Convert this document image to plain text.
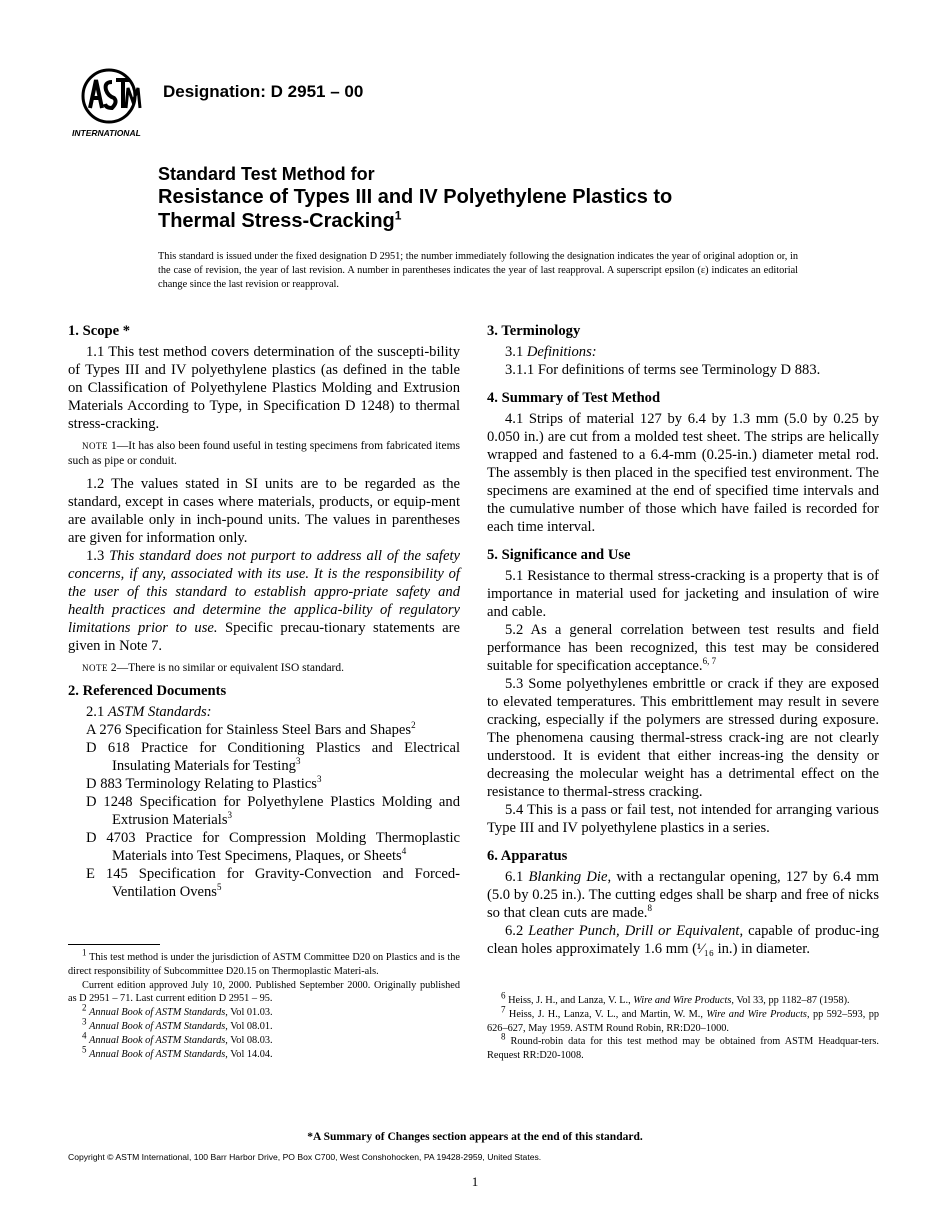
INTERNATIONAL
Designation: D 2951 – 00
Standard Test Method for
Resistance of Types III and IV Polyethylene Plastics to
Thermal Stress-Cracking$^1$
This standard is issued under the fixed designation D 2951; the number immediately following the designation indicates the year of original adoption or, in the case of revision, the year of last revision. A number in parentheses indicates the year of last reapproval. A superscript epsilon (ε) indicates an editorial change since the last revision or reapproval.
1. Scope *

1.1 This test method covers determination of the suscepti-bility of Types III and IV polyethylene plastics (as defined in the table on Classification of Polyethylene Plastics Molding and Extrusion Materials According to Type, in Specification D 1248) to thermal stress-cracking.

NOTE 1—It has also been found useful in testing specimens from fabricated items such as pipe or conduit.

1.2 The values stated in SI units are to be regarded as the standard, except in cases where materials, products, or equip-ment are available only in inch-pound units. The values in parentheses are given for information only.

1.3 This standard does not purport to address all of the safety concerns, if any, associated with its use. It is the responsibility of the user of this standard to establish appro-priate safety and health practices and determine the applica-bility of regulatory limitations prior to use. Specific precau-tionary statements are given in Note 7.

NOTE 2—There is no similar or equivalent ISO standard.
2. Referenced Documents

2.1 ASTM Standards:

A 276 Specification for Stainless Steel Bars and Shapes$^2$

D 618 Practice for Conditioning Plastics and Electrical Insulating Materials for Testing$^3$

D 883 Terminology Relating to Plastics$^3$

D 1248 Specification for Polyethylene Plastics Molding and Extrusion Materials$^3$

D 4703 Practice for Compression Molding Thermoplastic Materials into Test Specimens, Plaques, or Sheets$^4$

E 145 Specification for Gravity-Convection and Forced-Ventilation Ovens$^5$

3. Terminology

3.1 Definitions:

3.1.1 For definitions of terms see Terminology D 883.

4. Summary of Test Method

4.1 Strips of material 127 by 6.4 by 1.3 mm (5.0 by 0.25 by 0.050 in.) are cut from a molded test sheet. The strips are helically wrapped and fastened to a 6.4-mm (0.25-in.) diameter metal rod. The assembly is then placed in the specified test environment. The specimens are examined at the end of specified time intervals and the cumulative number of those which have failed is recorded for each time interval.

5. Significance and Use

5.1 Resistance to thermal stress-cracking is a property that is of importance in material used for jacketing and insulation of wire and cable.

5.2 As a general correlation between test results and field performance has been recognized, this test may be considered suitable for specification acceptance.$^{6, 7}$

5.3 Some polyethylenes embrittle or crack if they are exposed to elevated temperatures. This embrittlement may result in severe cracking, especially if the polymers are stressed during exposure. The phenomena causing thermal-stress crack-ing are not clearly understood. It is evident that either increas-ing the density or decreasing the molecular weight has a detrimental effect on the resistance to thermal-stress cracking.

5.4 This is a pass or fail test, not intended for arranging various Type III and IV polyethylene plastics in a series.

6. Apparatus

6.1 Blanking Die, with a rectangular opening, 127 by 6.4 mm (5.0 by 0.25 in.). The cutting edges shall be sharp and free of nicks so that clean cuts are made.$^8$

6.2 Leather Punch, Drill or Equivalent, capable of produc-ing clean holes approximately 1.6 mm (¹⁄₁₆ in.) in diameter.

$^1$ This test method is under the jurisdiction of ASTM Committee D20 on Plastics and is the direct responsibility of Subcommittee D20.15 on Thermoplastic Materi-als.

Current edition approved July 10, 2000. Published September 2000. Originally published as D 2951 – 71. Last current edition D 2951 – 95.

$^2$ Annual Book of ASTM Standards, Vol 01.03.

$^3$ Annual Book of ASTM Standards, Vol 08.01.

$^4$ Annual Book of ASTM Standards, Vol 08.03.

$^5$ Annual Book of ASTM Standards, Vol 14.04.

$^6$ Heiss, J. H., and Lanza, V. L., Wire and Wire Products, Vol 33, pp 1182–87 (1958).

$^7$ Heiss, J. H., Lanza, V. L., and Martin, W. M., Wire and Wire Products, pp 592–593, pp 626–627, May 1959. ASTM Round Robin, RR:D20–1000.

$^8$ Round-robin data for this test method may be obtained from ASTM Headquar-ters. Request RR:D20-1008.

*A Summary of Changes section appears at the end of this standard.
Copyright © ASTM International, 100 Barr Harbor Drive, PO Box C700, West Conshohocken, PA 19428-2959, United States.
1
